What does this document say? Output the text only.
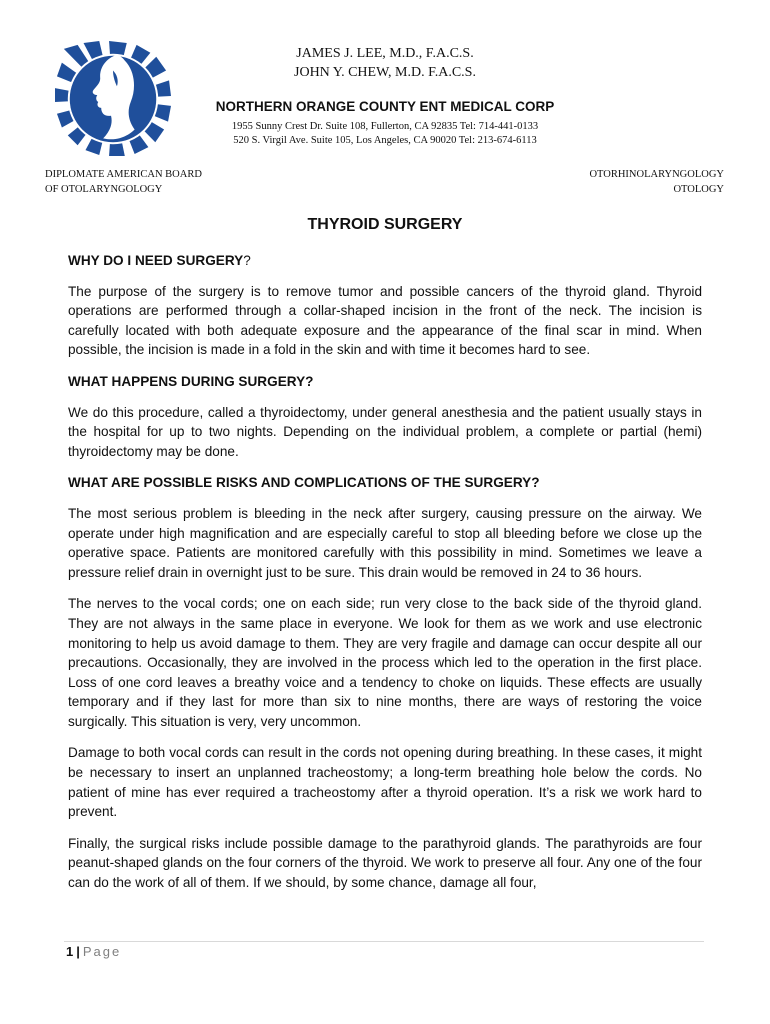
JAMES J. LEE, M.D., F.A.C.S.
JOHN Y. CHEW, M.D. F.A.C.S.
NORTHERN ORANGE COUNTY ENT MEDICAL CORP
1955 Sunny Crest Dr. Suite 108, Fullerton, CA 92835 Tel: 714-441-0133
520 S. Virgil Ave. Suite 105, Los Angeles, CA 90020 Tel: 213-674-6113
DIPLOMATE AMERICAN BOARD
OF OTOLARYNGOLOGY
OTORHINOLARYNGOLOGY
OTOLOGY
THYROID SURGERY
WHY DO I NEED SURGERY?

The purpose of the surgery is to remove tumor and possible cancers of the thyroid gland. Thyroid operations are performed through a collar-shaped incision in the front of the neck. The incision is carefully located with both adequate exposure and the appearance of the final scar in mind. When possible, the incision is made in a fold in the skin and with time it becomes hard to see.

WHAT HAPPENS DURING SURGERY?

We do this procedure, called a thyroidectomy, under general anesthesia and the patient usually stays in the hospital for up to two nights. Depending on the individual problem, a complete or partial (hemi) thyroidectomy may be done.

WHAT ARE POSSIBLE RISKS AND COMPLICATIONS OF THE SURGERY?

The most serious problem is bleeding in the neck after surgery, causing pressure on the airway. We operate under high magnification and are especially careful to stop all bleeding before we close up the operative space. Patients are monitored carefully with this possibility in mind. Sometimes we leave a pressure relief drain in overnight just to be sure. This drain would be removed in 24 to 36 hours.

The nerves to the vocal cords; one on each side; run very close to the back side of the thyroid gland. They are not always in the same place in everyone. We look for them as we work and use electronic monitoring to help us avoid damage to them. They are very fragile and damage can occur despite all our precautions. Occasionally, they are involved in the process which led to the operation in the first place. Loss of one cord leaves a breathy voice and a tendency to choke on liquids. These effects are usually temporary and if they last for more than six to nine months, there are ways of restoring the voice surgically. This situation is very, very uncommon.

Damage to both vocal cords can result in the cords not opening during breathing. In these cases, it might be necessary to insert an unplanned tracheostomy; a long-term breathing hole below the cords. No patient of mine has ever required a tracheostomy after a thyroid operation. It’s a risk we work hard to prevent.

Finally, the surgical risks include possible damage to the parathyroid glands. The parathyroids are four peanut-shaped glands on the four corners of the thyroid. We work to preserve all four. Any one of the four can do the work of all of them. If we should, by some chance, damage all four,

1 | Page
